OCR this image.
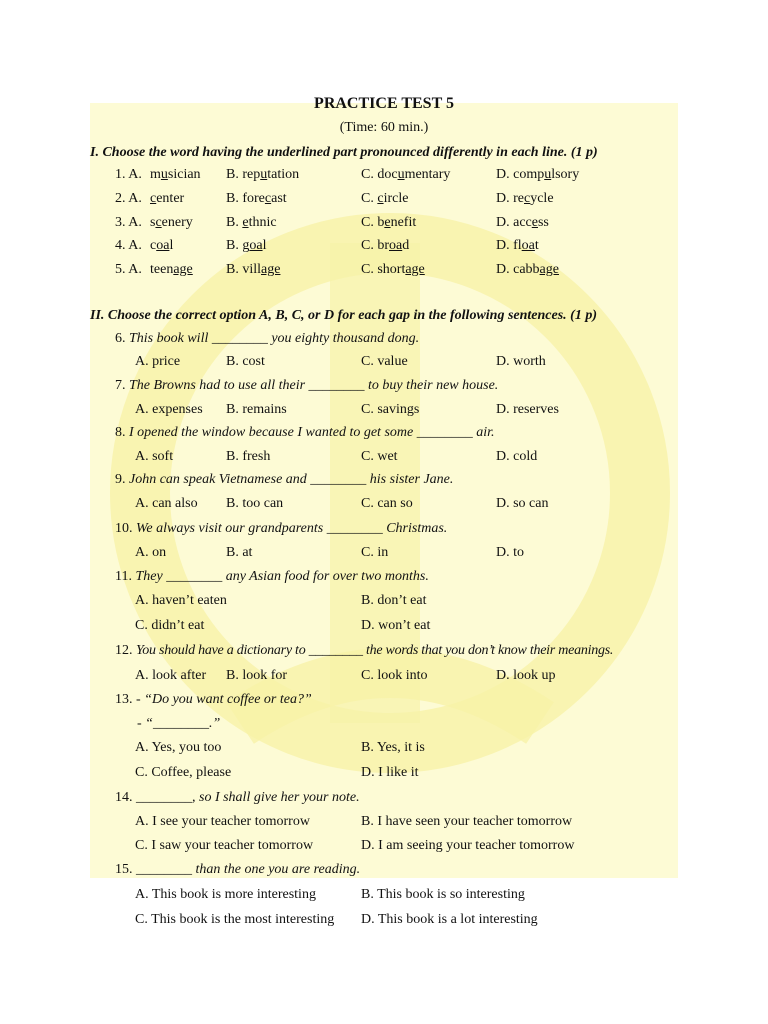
PRACTICE TEST 5
(Time: 60 min.)
I. Choose the word having the underlined part pronounced differently in each line. (1 p)
1. A. musician B. reputation	C. documentary	D. compulsory
2. A. center	B. forecast	C. circle	D. recycle
3. A. scenery B. ethnic	C. benefit	D. access
4. A. coal	B. goal	C. broad	D. float
5. A. teenage B. village	C. shortage	D. cabbage
II. Choose the correct option A, B, C, or D for each gap in the following sentences. (1 p)
6. This book will ________ you eighty thousand dong.
A. price	B. cost	C. value	D. worth
7. The Browns had to use all their ________ to buy their new house.
A. expenses B. remains	C. savings	D. reserves
8. I opened the window because I wanted to get some ________ air.
A. soft	B. fresh	C. wet	D. cold
9. John can speak Vietnamese and ________ his sister Jane.
A. can also B. too can	C. can so	D. so can
10. We always visit our grandparents ________ Christmas.
A. on	B. at	C. in	D. to
11. They ________ any Asian food for over two months.
A. haven’t eaten	B. don’t eat
C. didn’t eat	D. won’t eat
12. You should have a dictionary to ________ the words that you don’t know their meanings.
A. look after B. look for	C. look into	D. look up
13. - “Do you want coffee or tea?”
- “________.”
A. Yes, you too	B. Yes, it is
C. Coffee, please	D. I like it
14. ________, so I shall give her your note.
A. I see your teacher tomorrow	B. I have seen your teacher tomorrow
C. I saw your teacher tomorrow	D. I am seeing your teacher tomorrow
15. ________ than the one you are reading.
A. This book is more interesting	B. This book is so interesting
C. This book is the most interesting D. This book is a lot interesting
